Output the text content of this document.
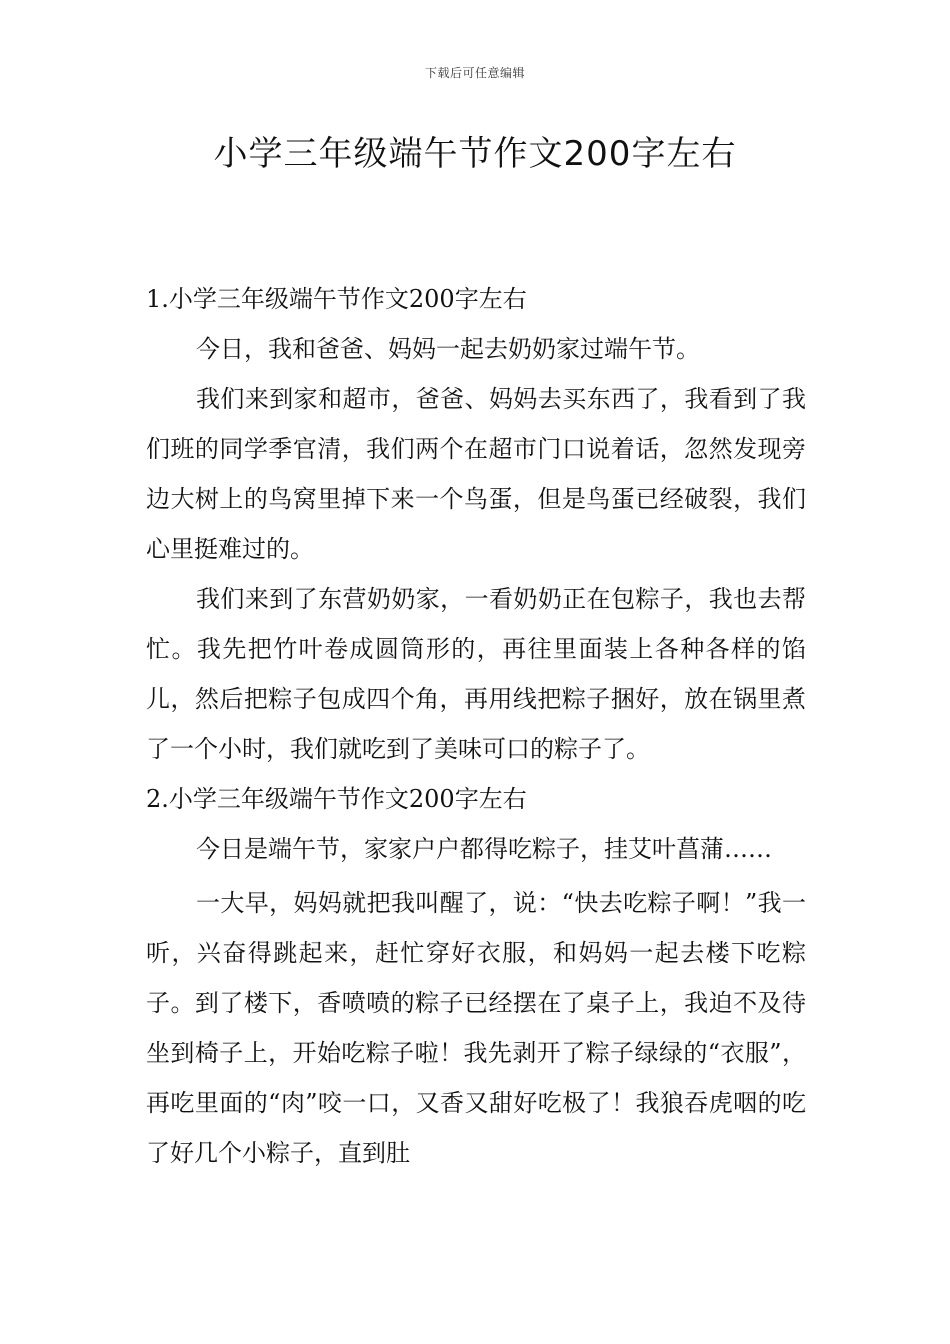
下载后可任意编辑
小学三年级端午节作文200字左右

1.小学三年级端午节作文200字左右

今日，我和爸爸、妈妈一起去奶奶家过端午节。

我们来到家和超市，爸爸、妈妈去买东西了，我看到了我们班的同学季官清，我们两个在超市门口说着话，忽然发现旁边大树上的鸟窝里掉下来一个鸟蛋，但是鸟蛋已经破裂，我们心里挺难过的。

我们来到了东营奶奶家，一看奶奶正在包粽子，我也去帮忙。我先把竹叶卷成圆筒形的，再往里面装上各种各样的馅儿，然后把粽子包成四个角，再用线把粽子捆好，放在锅里煮了一个小时，我们就吃到了美味可口的粽子了。

2.小学三年级端午节作文200字左右

今日是端午节，家家户户都得吃粽子，挂艾叶菖蒲……

一大早，妈妈就把我叫醒了，说：“快去吃粽子啊！”我一听，兴奋得跳起来，赶忙穿好衣服，和妈妈一起去楼下吃粽子。到了楼下，香喷喷的粽子已经摆在了桌子上，我迫不及待坐到椅子上，开始吃粽子啦！我先剥开了粽子绿绿的“衣服”，再吃里面的“肉”咬一口，又香又甜好吃极了！我狼吞虎咽的吃了好几个小粽子，直到肚
